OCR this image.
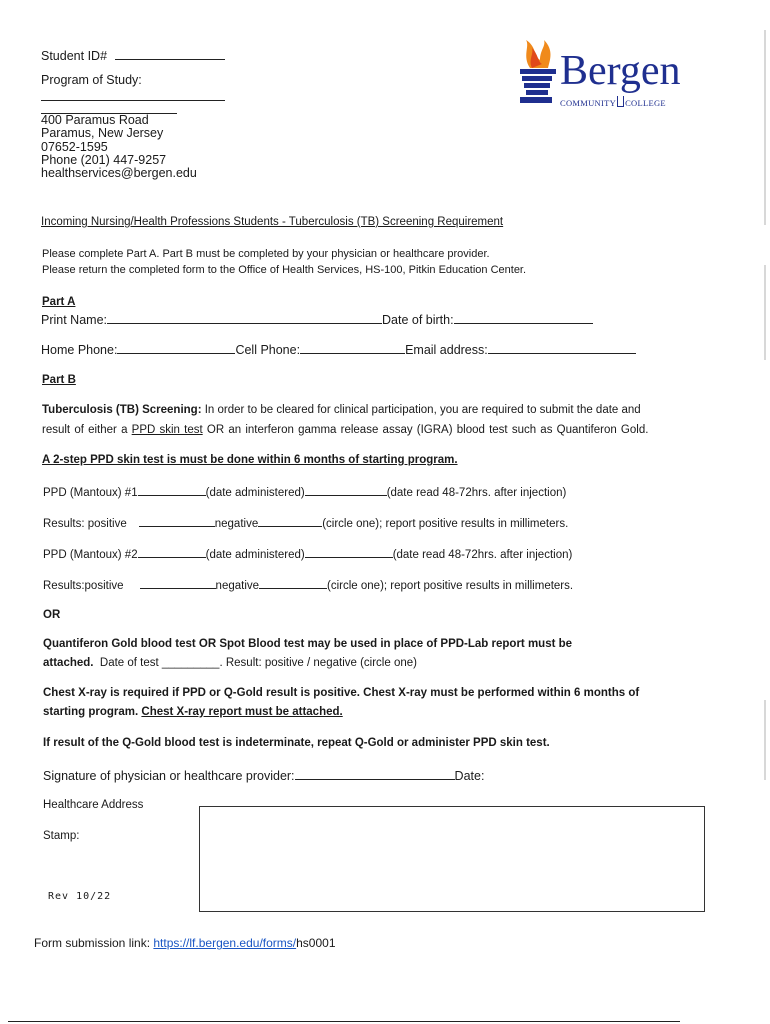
Student ID#
Program of Study:
400 Paramus Road
Paramus, New Jersey
07652-1595
Phone (201) 447-9257
healthservices@bergen.edu
Bergen
COMMUNITY COLLEGE
Incoming Nursing/Health Professions Students - Tuberculosis (TB) Screening Requirement
Please complete Part A. Part B must be completed by your physician or healthcare provider.
Please return the completed form to the Office of Health Services, HS-100, Pitkin Education Center.
Part A
Print Name:	Date of birth:
Home Phone:	Cell Phone:	Email address:
Part B
Tuberculosis (TB) Screening: In order to be cleared for clinical participation, you are required to submit the date and
result of either a PPD skin test OR an interferon gamma release assay (IGRA) blood test such as Quantiferon Gold.
A 2-step PPD skin test is must be done within 6 months of starting program.
PPD (Mantoux) #1	(date administered)	(date read 48-72hrs. after injection)
Results: positive	negative	(circle one); report positive results in millimeters.
PPD (Mantoux) #2	(date administered)	(date read 48-72hrs. after injection)
Results:positive	negative	(circle one); report positive results in millimeters.
OR
Quantiferon Gold blood test OR Spot Blood test may be used in place of PPD-Lab report must be
attached. Date of test _________. Result: positive / negative (circle one)
Chest X-ray is required if PPD or Q-Gold result is positive. Chest X-ray must be performed within 6 months of
starting program. Chest X-ray report must be attached.
If result of the Q-Gold blood test is indeterminate, repeat Q-Gold or administer PPD skin test.
Signature of physician or healthcare provider:	Date:
Healthcare Address
Stamp:
Rev 10/22
Form submission link: https://lf.bergen.edu/forms/hs0001
